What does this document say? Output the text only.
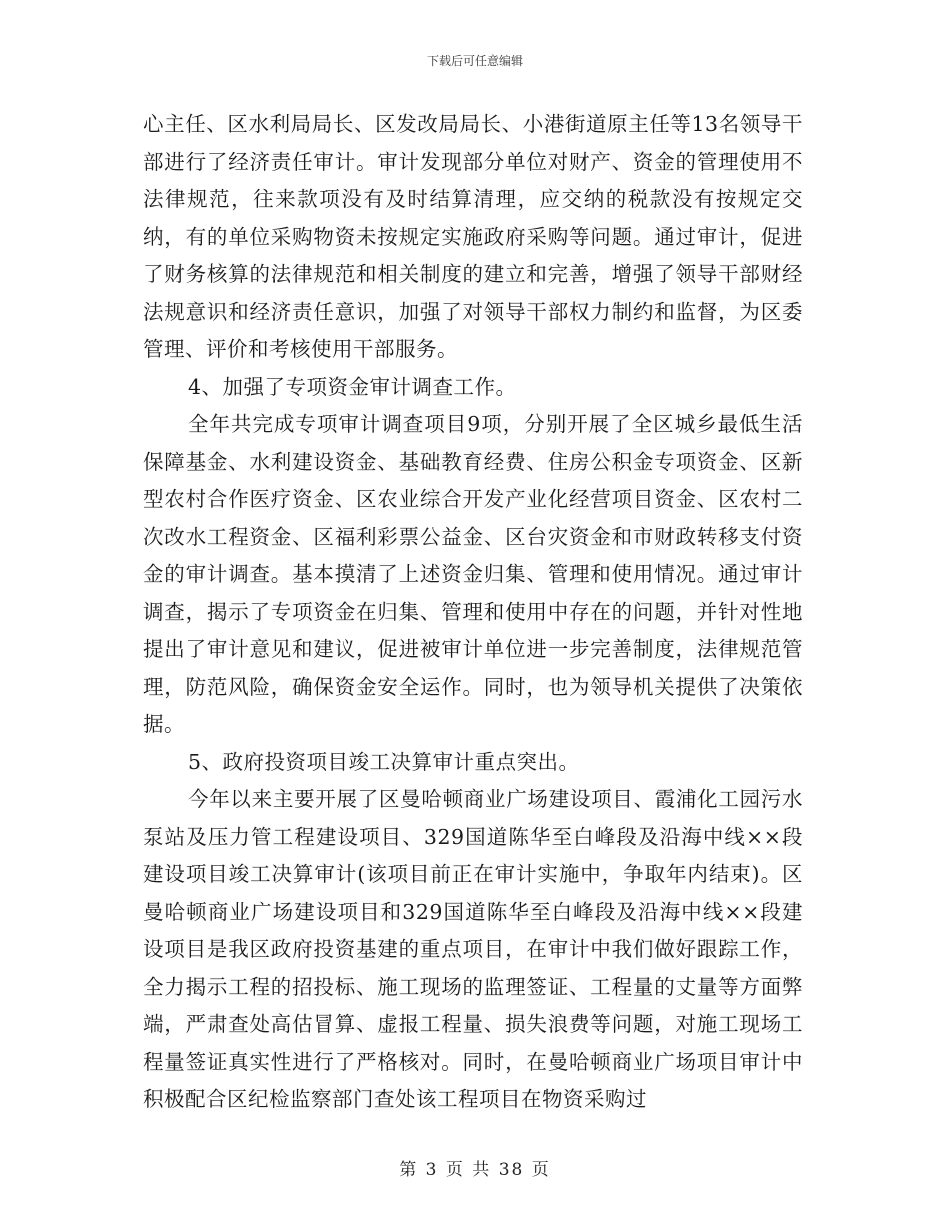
下载后可任意编辑

心主任、区水利局局长、区发改局局长、小港街道原主任等13名领导干部进行了经济责任审计。审计发现部分单位对财产、资金的管理使用不法律规范，往来款项没有及时结算清理，应交纳的税款没有按规定交纳，有的单位采购物资未按规定实施政府采购等问题。通过审计，促进了财务核算的法律规范和相关制度的建立和完善，增强了领导干部财经法规意识和经济责任意识，加强了对领导干部权力制约和监督，为区委管理、评价和考核使用干部服务。

4、加强了专项资金审计调查工作。

全年共完成专项审计调查项目9项，分别开展了全区城乡最低生活保障基金、水利建设资金、基础教育经费、住房公积金专项资金、区新型农村合作医疗资金、区农业综合开发产业化经营项目资金、区农村二次改水工程资金、区福利彩票公益金、区台灾资金和市财政转移支付资金的审计调查。基本摸清了上述资金归集、管理和使用情况。通过审计调查，揭示了专项资金在归集、管理和使用中存在的问题，并针对性地提出了审计意见和建议，促进被审计单位进一步完善制度，法律规范管理，防范风险，确保资金安全运作。同时，也为领导机关提供了决策依据。

5、政府投资项目竣工决算审计重点突出。

今年以来主要开展了区曼哈顿商业广场建设项目、霞浦化工园污水泵站及压力管工程建设项目、329国道陈华至白峰段及沿海中线××段建设项目竣工决算审计(该项目前正在审计实施中，争取年内结束)。区曼哈顿商业广场建设项目和329国道陈华至白峰段及沿海中线××段建设项目是我区政府投资基建的重点项目，在审计中我们做好跟踪工作，全力揭示工程的招投标、施工现场的监理签证、工程量的丈量等方面弊端，严肃查处高估冒算、虚报工程量、损失浪费等问题，对施工现场工程量签证真实性进行了严格核对。同时，在曼哈顿商业广场项目审计中积极配合区纪检监察部门查处该工程项目在物资采购过

第 3 页 共 38 页
